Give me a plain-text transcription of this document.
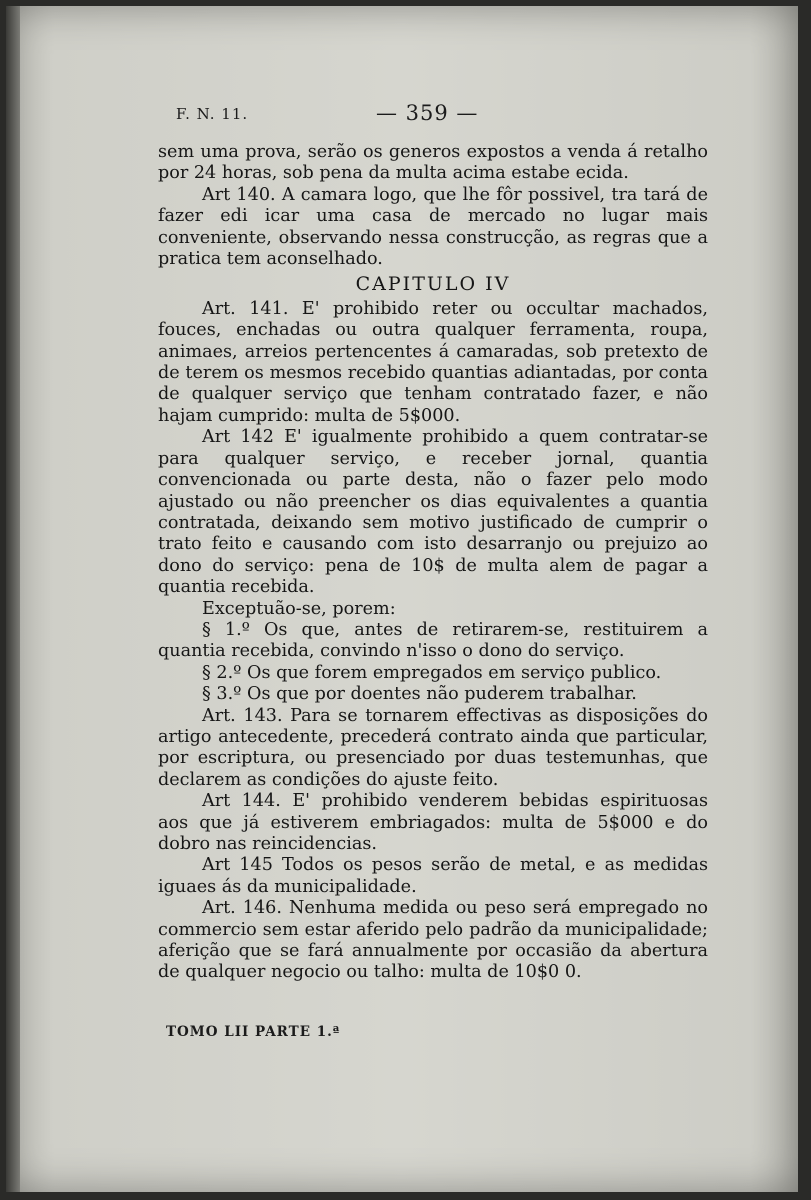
F. N. 11.	— 359 —

sem uma prova, serão os generos expostos a venda á retalho por 24 horas, sob pena da multa acima estabe ecida.

Art 140. A camara logo, que lhe fôr possivel, tra tará de fazer edi icar uma casa de mercado no lugar mais conveniente, observando nessa construcção, as regras que a pratica tem aconselhado.

CAPITULO IV

Art. 141. E' prohibido reter ou occultar machados, fouces, enchadas ou outra qualquer ferramenta, roupa, animaes, arreios pertencentes á camaradas, sob pretexto de de terem os mesmos recebido quantias adiantadas, por conta de qualquer serviço que tenham contratado fazer, e não hajam cumprido: multa de 5$000.

Art 142 E' igualmente prohibido a quem contratar-se para qualquer serviço, e receber jornal, quantia convencionada ou parte desta, não o fazer pelo modo ajustado ou não preencher os dias equivalentes a quantia contratada, deixando sem motivo justificado de cumprir o trato feito e causando com isto desarranjo ou prejuizo ao dono do serviço: pena de 10$ de multa alem de pagar a quantia recebida.

Exceptuão-se, porem:

§ 1.º Os que, antes de retirarem-se, restituirem a quantia recebida, convindo n'isso o dono do serviço.

§ 2.º Os que forem empregados em serviço publico.

§ 3.º Os que por doentes não puderem trabalhar.

Art. 143. Para se tornarem effectivas as disposições do artigo antecedente, precederá contrato ainda que particular, por escriptura, ou presenciado por duas testemunhas, que declarem as condições do ajuste feito.

Art 144. E' prohibido venderem bebidas espirituosas aos que já estiverem embriagados: multa de 5$000 e do dobro nas reincidencias.

Art 145 Todos os pesos serão de metal, e as medidas iguaes ás da municipalidade.

Art. 146. Nenhuma medida ou peso será empregado no commercio sem estar aferido pelo padrão da municipalidade; aferição que se fará annualmente por occasião da abertura de qualquer negocio ou talho: multa de 10$0 0.

TOMO LII PARTE 1.ª
